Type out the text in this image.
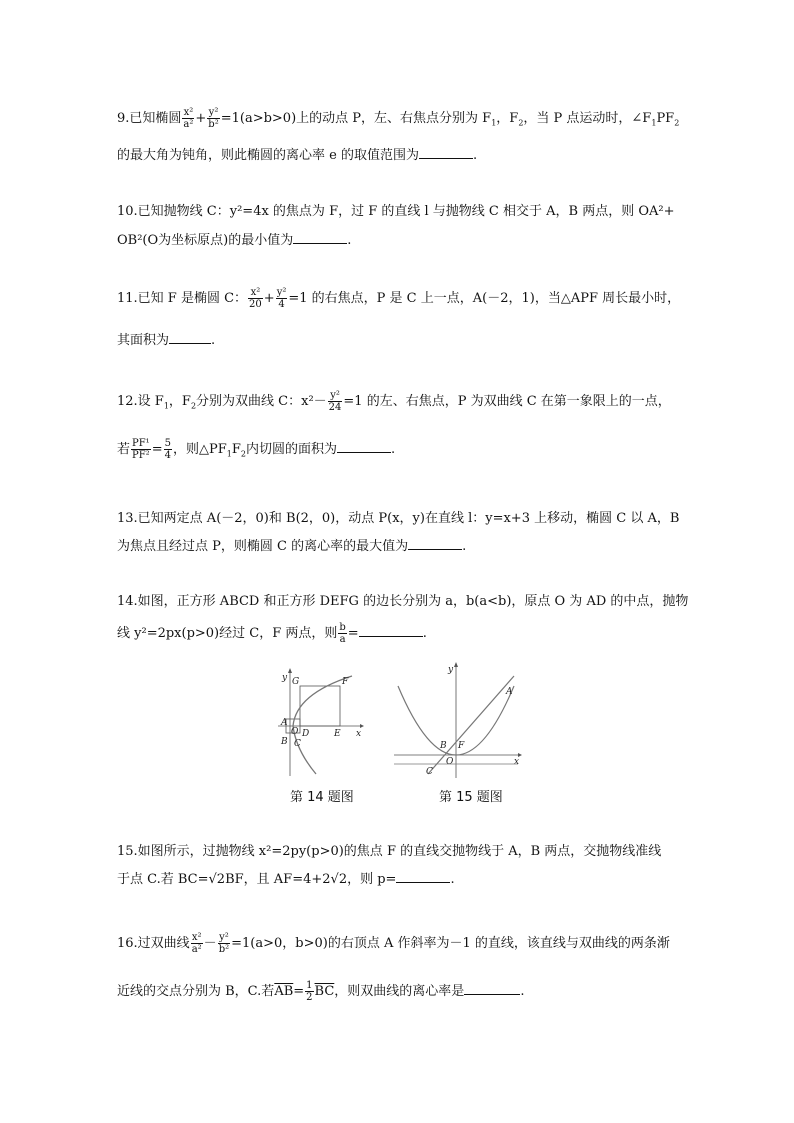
9.已知椭圆 $\frac{\text{x²}}{\text{a²}} + \frac{\text{y²}}{\text{b²}} =1(a>b>0)$上的动点 P，左、右焦点分别为 $F_1$，$F_2$，当 P 点运动时，$\angle F_1PF_2$
的最大角为钝角，则此椭圆的离心率 e 的取值范围为	.
10.已知抛物线 C：y²=4x 的焦点为 F，过 F 的直线 l 与抛物线 C 相交于 A，B 两点，则 OA²+
OB²(O为坐标原点)的最小值为	.
11.已知 F 是椭圆 C： $\frac{\text{x²}}{20} + \frac{\text{y²}}{4} =1$ 的右焦点，P 是 C 上一点，A(－2，1)，当△APF 周长最小时，
其面积为	.
12.设 $F_1$，$F_2$分别为双曲线 C：$x^2- \frac{\text{y²}}{24} =1$ 的左、右焦点，P 为双曲线 C 在第一象限上的一点，
若 $\frac{\text{PF¹}}{\text{PF²}} = \frac{5}{4}$ ，则$\triangle PF_1F_2$内切圆的面积为	.
13.已知两定点 A(－2，0)和 B(2，0)，动点 P(x，y)在直线 l：y=x+3 上移动，椭圆 C 以 A，B
为焦点且经过点 P，则椭圆 C 的离心率的最大值为	.
14.如图，正方形 ABCD 和正方形 DEFG 的边长分别为 a，b(a<b)，原点 O 为 AD 的中点，抛物
线 y²=2px(p>0)经过 C，F 两点，则 $\frac{b}{a}$ =	.
y
x
G	F
A
D	E
O
B C
y
x
A
B F
O
C
第 14 题图	第 15 题图
15.如图所示，过抛物线 x²=2py(p>0)的焦点 F 的直线交抛物线于 A，B 两点，交抛物线准线
于点 C.若 BC=√2BF，且 AF=4+2√2，则 p=	.
16.过双曲线 $\frac{\text{x²}}{\text{a²}} - \frac{\text{y²}}{\text{b²}} =1(a>0$，b>0)的右顶点 A 作斜率为－1 的直线，该直线与双曲线的两条渐
近线的交点分别为 B，C.若$\overline{AB}= \frac{1}{2} \overline{BC}$，则双曲线的离心率是	.
